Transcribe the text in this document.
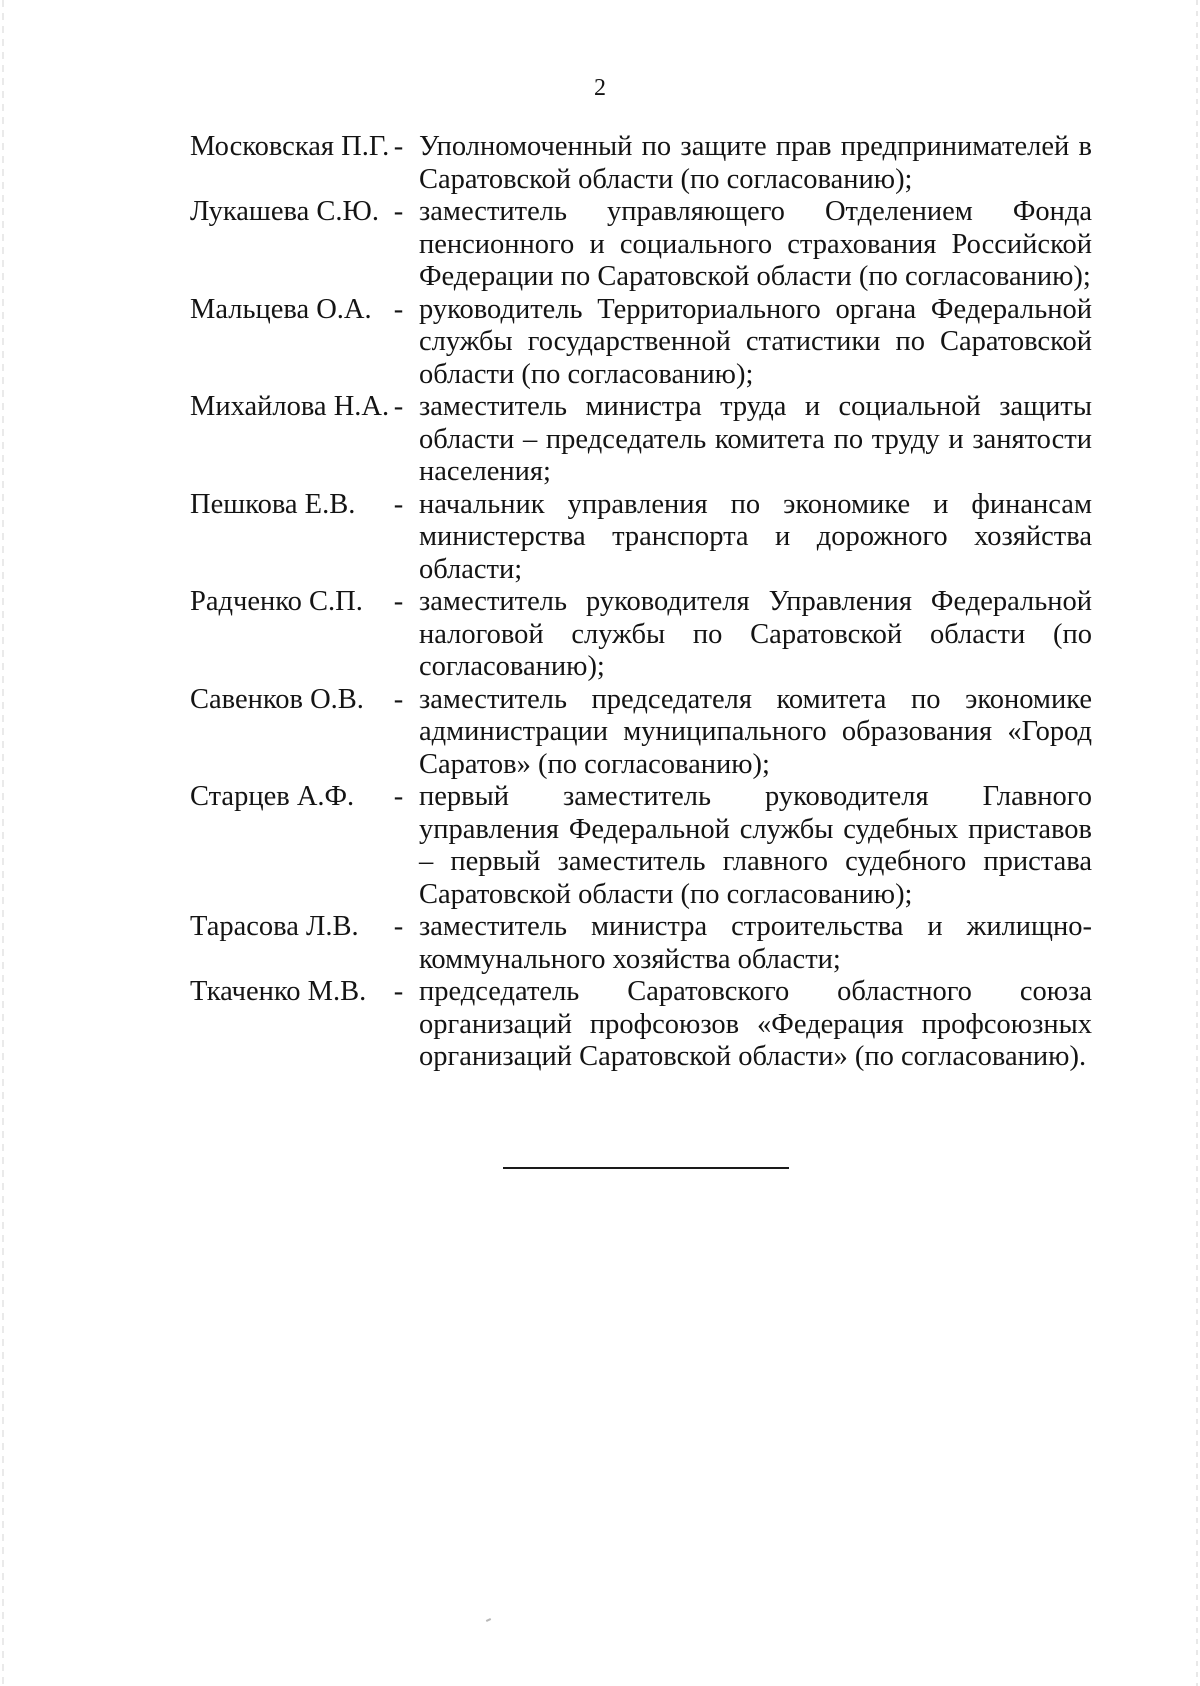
2
Московская П.Г. - Уполномоченный по защите прав предпринимателей в Саратовской области (по согласованию);
Лукашева С.Ю. - заместитель управляющего Отделением Фонда пенсионного и социального страхования Российской Федерации по Саратовской области (по согласованию);
Мальцева О.А. - руководитель Территориального органа Федеральной службы государственной статистики по Саратовской области (по согласованию);
Михайлова Н.А. - заместитель министра труда и социальной защиты области – председатель комитета по труду и занятости населения;
Пешкова Е.В.	- начальник управления по экономике и финансам министерства транспорта и дорожного хозяйства области;
Радченко С.П.	- заместитель руководителя Управления Федеральной налоговой службы по Саратовской области (по согласованию);
Савенков О.В.	- заместитель председателя комитета по экономике администрации муниципального образования «Город Саратов» (по согласованию);
Старцев А.Ф.	- первый заместитель руководителя Главного управления Федеральной службы судебных приставов – первый заместитель главного судебного пристава Саратовской области (по согласованию);
Тарасова Л.В.	- заместитель министра строительства и жилищно-коммунального хозяйства области;
Ткаченко М.В. - председатель Саратовского областного союза организаций профсоюзов «Федерация профсоюзных организаций Саратовской области» (по согласованию).
